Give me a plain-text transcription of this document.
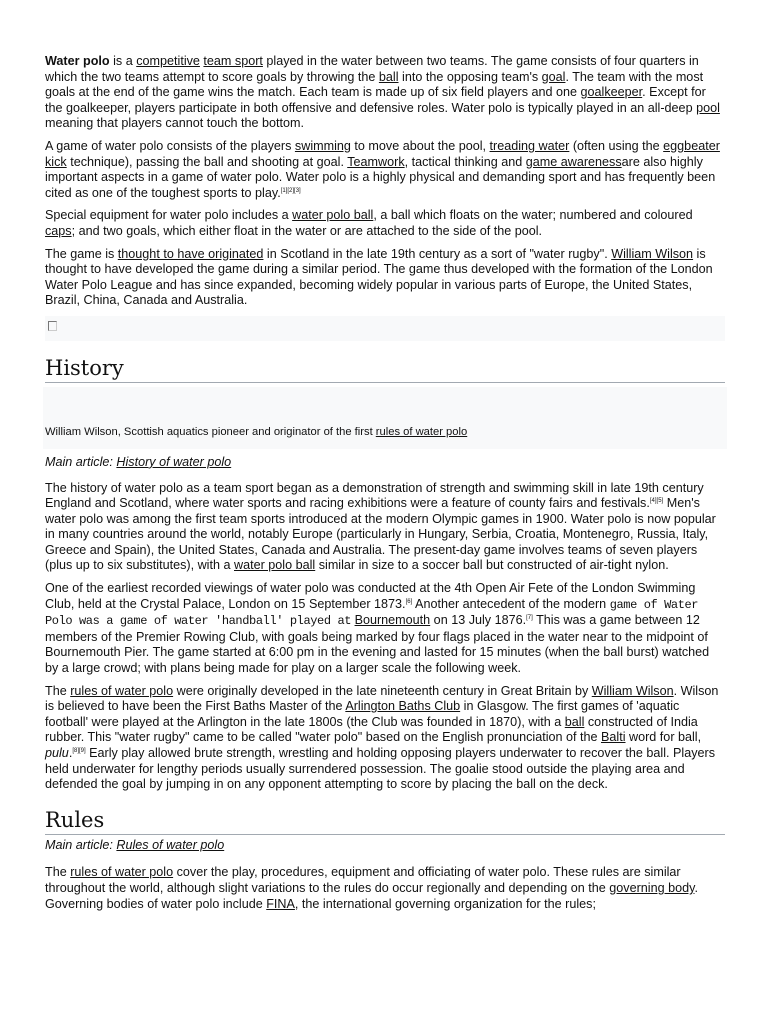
Water polo is a competitive team sport played in the water between two teams. The game consists of four quarters in which the two teams attempt to score goals by throwing the ball into the opposing team's goal. The team with the most goals at the end of the game wins the match. Each team is made up of six field players and one goalkeeper. Except for the goalkeeper, players participate in both offensive and defensive roles. Water polo is typically played in an all-deep pool meaning that players cannot touch the bottom.

A game of water polo consists of the players swimming to move about the pool, treading water (often using the eggbeater kick technique), passing the ball and shooting at goal. Teamwork, tactical thinking and game awarenessare also highly important aspects in a game of water polo. Water polo is a highly physical and demanding sport and has frequently been cited as one of the toughest sports to play.[1][2][3]

Special equipment for water polo includes a water polo ball, a ball which floats on the water; numbered and coloured caps; and two goals, which either float in the water or are attached to the side of the pool.

The game is thought to have originated in Scotland in the late 19th century as a sort of "water rugby". William Wilson is thought to have developed the game during a similar period. The game thus developed with the formation of the London Water Polo League and has since expanded, becoming widely popular in various parts of Europe, the United States, Brazil, China, Canada and Australia.

History

William Wilson, Scottish aquatics pioneer and originator of the first rules of water polo

Main article: History of water polo

The history of water polo as a team sport began as a demonstration of strength and swimming skill in late 19th century England and Scotland, where water sports and racing exhibitions were a feature of county fairs and festivals.[4][5] Men's water polo was among the first team sports introduced at the modern Olympic games in 1900. Water polo is now popular in many countries around the world, notably Europe (particularly in Hungary, Serbia, Croatia, Montenegro, Russia, Italy, Greece and Spain), the United States, Canada and Australia. The present-day game involves teams of seven players (plus up to six substitutes), with a water polo ball similar in size to a soccer ball but constructed of air-tight nylon.

One of the earliest recorded viewings of water polo was conducted at the 4th Open Air Fete of the London Swimming Club, held at the Crystal Palace, London on 15 September 1873.[6] Another antecedent of the modern game of Water Polo was a game of water 'handball' played at Bournemouth on 13 July 1876.[7] This was a game between 12 members of the Premier Rowing Club, with goals being marked by four flags placed in the water near to the midpoint of Bournemouth Pier. The game started at 6:00 pm in the evening and lasted for 15 minutes (when the ball burst) watched by a large crowd; with plans being made for play on a larger scale the following week.

The rules of water polo were originally developed in the late nineteenth century in Great Britain by William Wilson. Wilson is believed to have been the First Baths Master of the Arlington Baths Club in Glasgow. The first games of 'aquatic football' were played at the Arlington in the late 1800s (the Club was founded in 1870), with a ball constructed of India rubber. This "water rugby" came to be called "water polo" based on the English pronunciation of the Balti word for ball, pulu.[8][9] Early play allowed brute strength, wrestling and holding opposing players underwater to recover the ball. Players held underwater for lengthy periods usually surrendered possession. The goalie stood outside the playing area and defended the goal by jumping in on any opponent attempting to score by placing the ball on the deck.

Rules

Main article: Rules of water polo

The rules of water polo cover the play, procedures, equipment and officiating of water polo. These rules are similar throughout the world, although slight variations to the rules do occur regionally and depending on the governing body. Governing bodies of water polo include FINA, the international governing organization for the rules;
